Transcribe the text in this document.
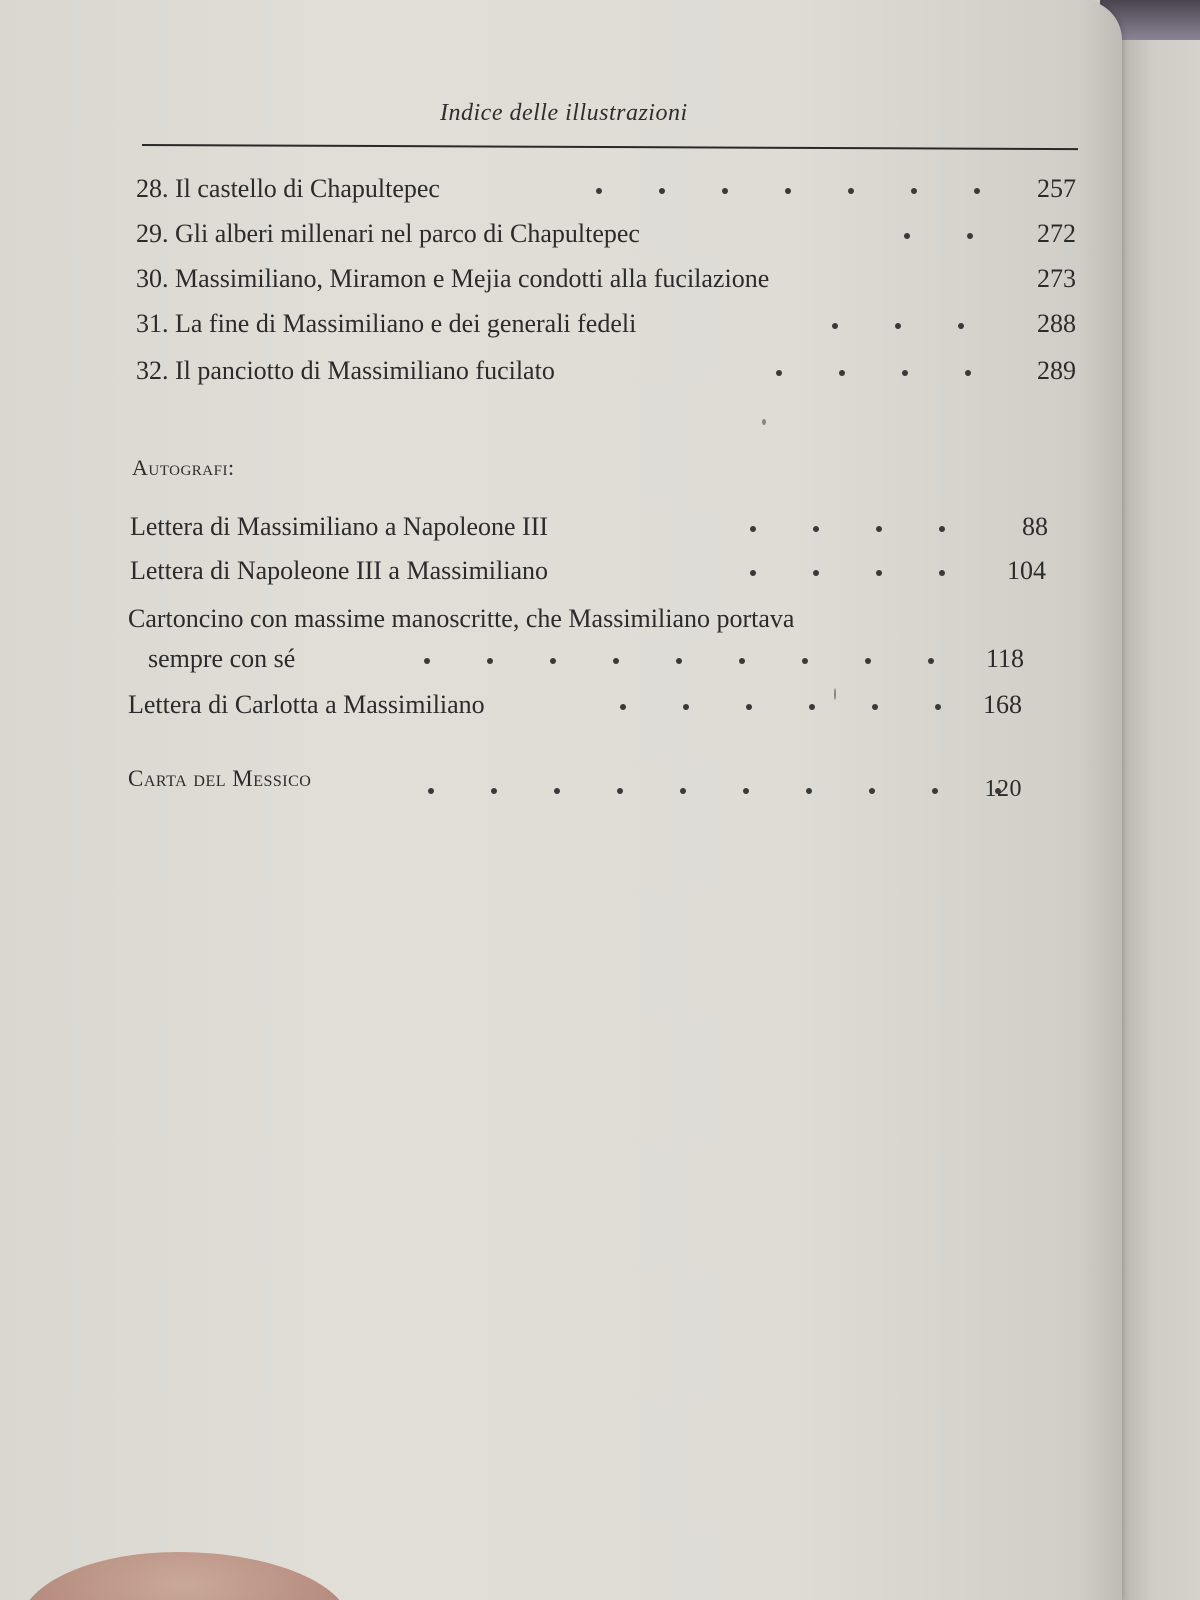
Indice delle illustrazioni
28. Il castello di Chapultepec	257
29. Gli alberi millenari nel parco di Chapultepec	272
30. Massimiliano, Miramon e Mejia condotti alla fucilazione	273
31. La fine di Massimiliano e dei generali fedeli	288
32. Il panciotto di Massimiliano fucilato	289
Autografi:
Lettera di Massimiliano a Napoleone III	88
Lettera di Napoleone III a Massimiliano	104
Cartoncino con massime manoscritte, che Massimiliano portava
sempre con sé	118
Lettera di Carlotta a Massimiliano	168
Carta del Messico	120
